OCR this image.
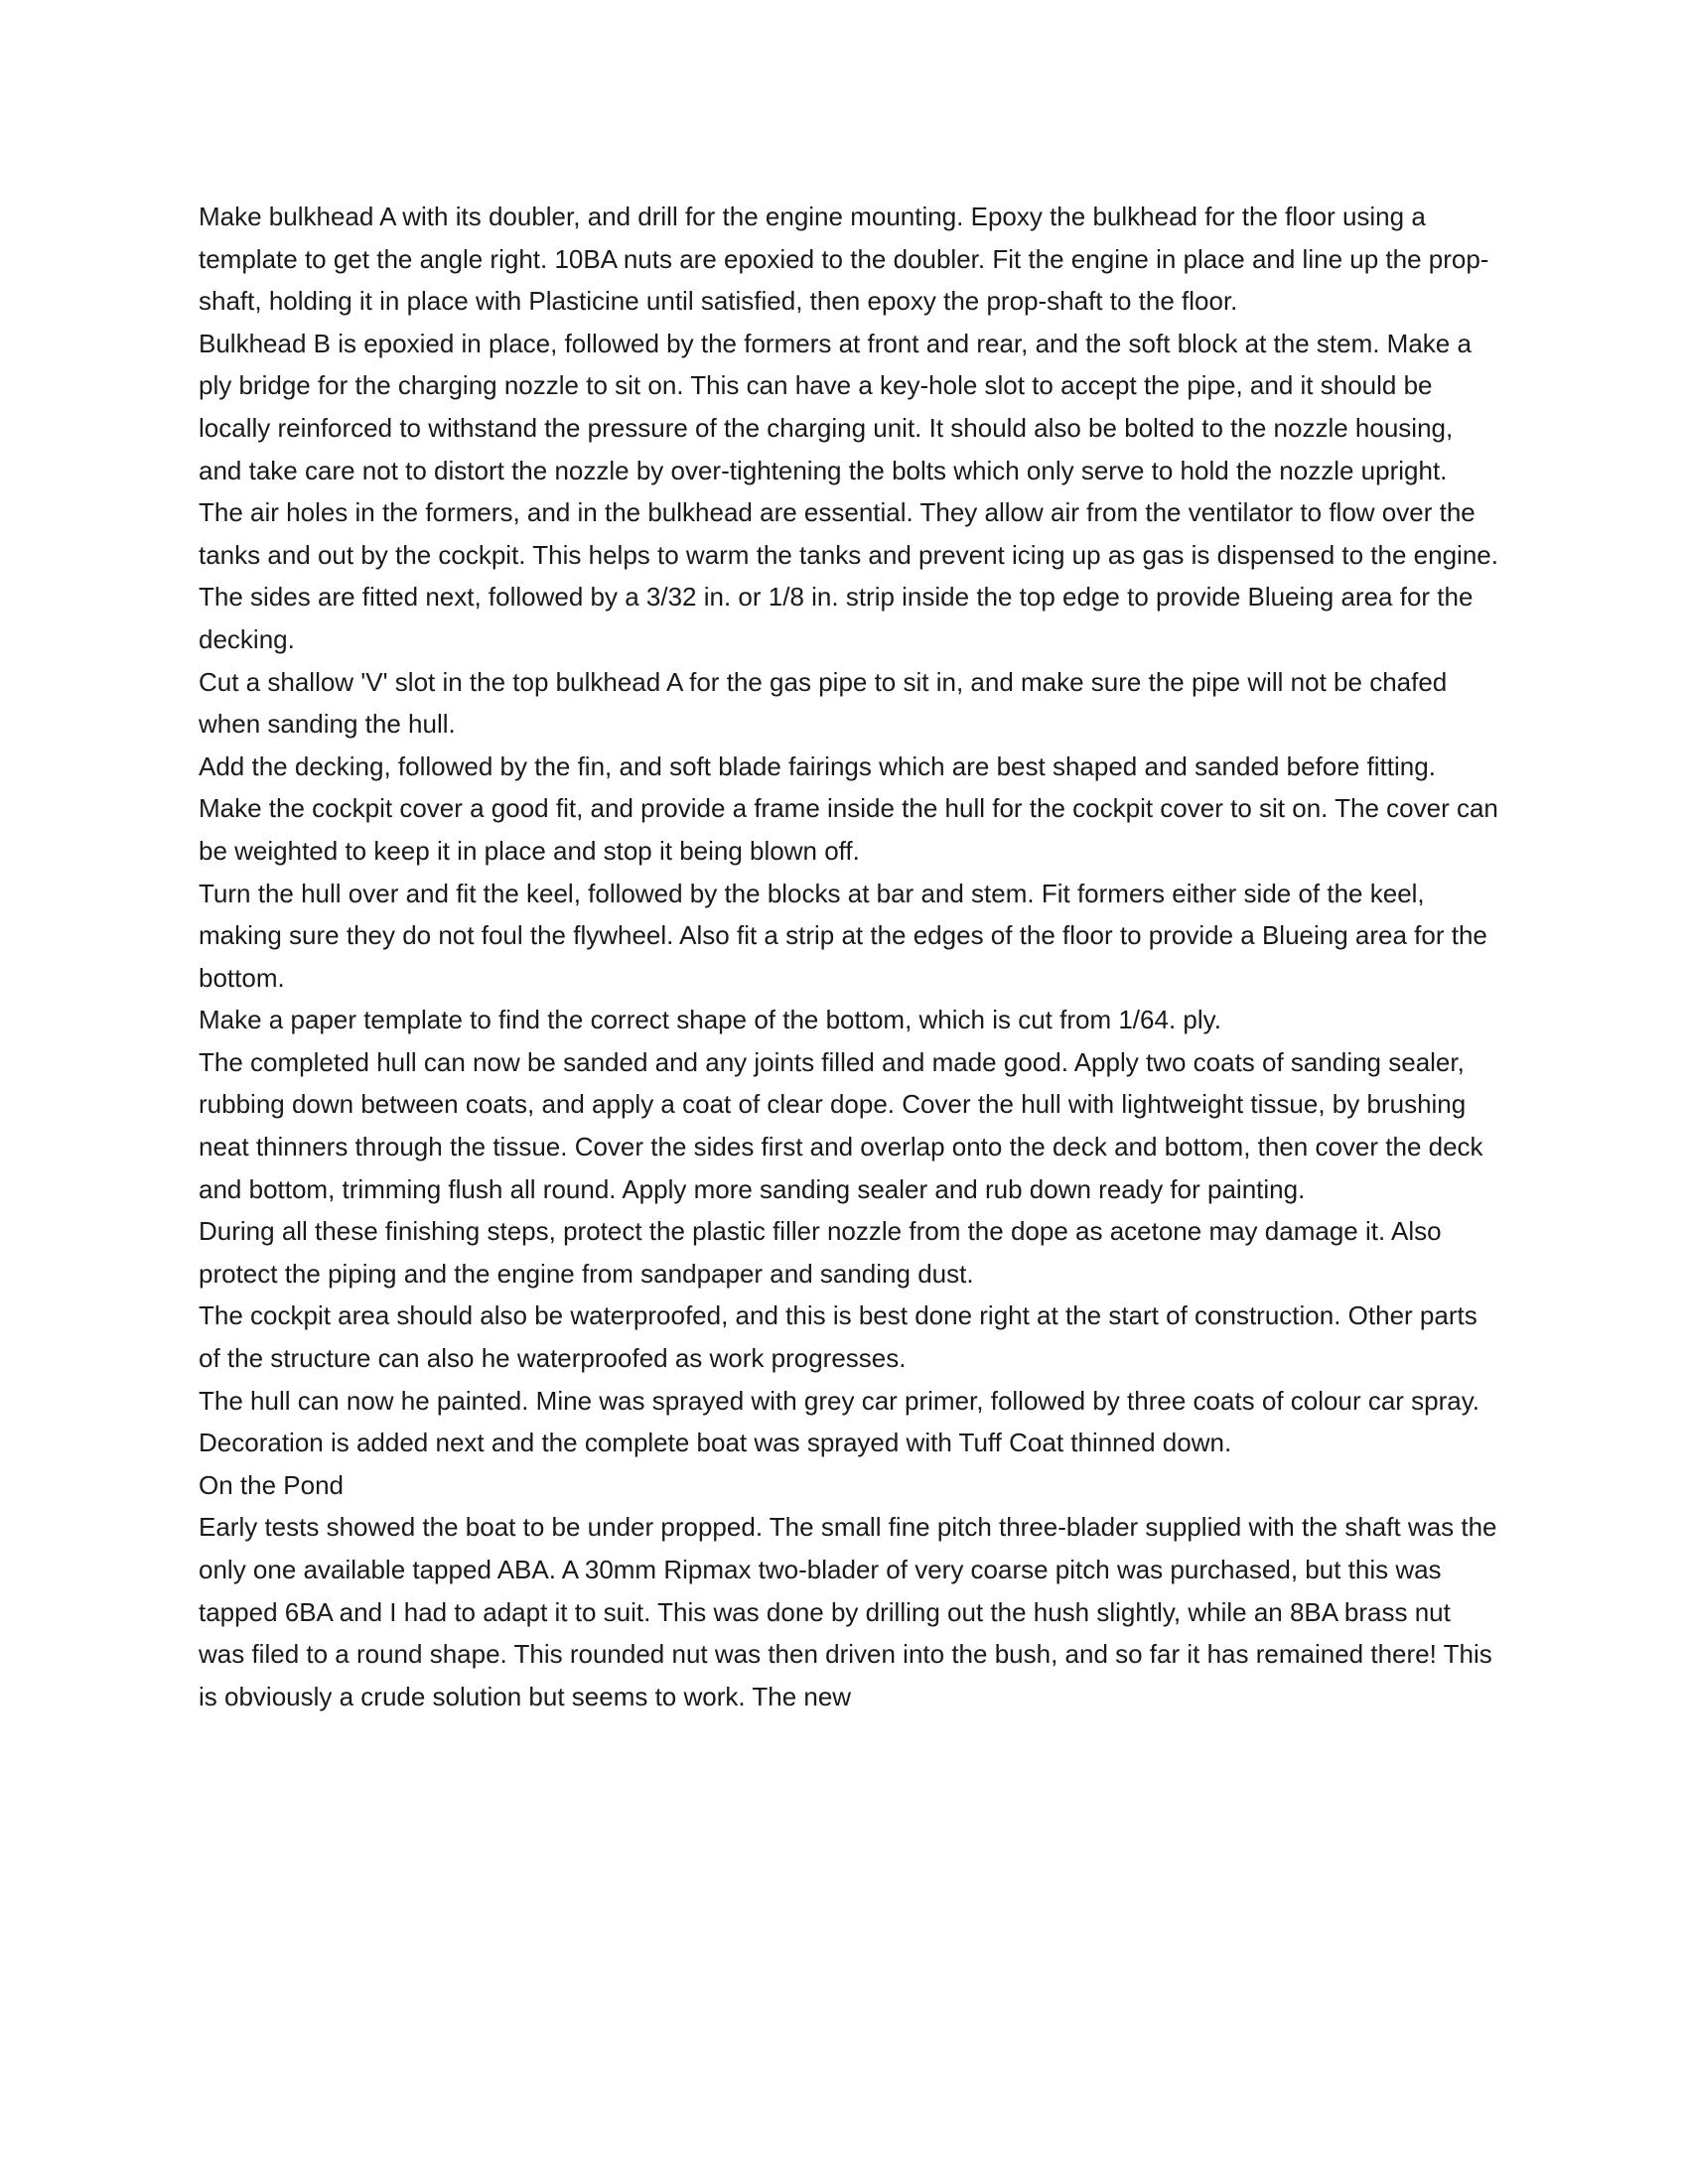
Make bulkhead A with its doubler, and drill for the engine mounting. Epoxy the bulkhead for the floor using a template to get the angle right. 10BA nuts are epoxied to the doubler. Fit the engine in place and line up the prop-shaft, holding it in place with Plasticine until satisfied, then epoxy the prop-shaft to the floor.

Bulkhead B is epoxied in place, followed by the formers at front and rear, and the soft block at the stem. Make a ply bridge for the charging nozzle to sit on. This can have a key-hole slot to accept the pipe, and it should be locally reinforced to withstand the pressure of the charging unit. It should also be bolted to the nozzle housing, and take care not to distort the nozzle by over-tightening the bolts which only serve to hold the nozzle upright.

The air holes in the formers, and in the bulkhead are essential. They allow air from the ventilator to flow over the tanks and out by the cockpit. This helps to warm the tanks and prevent icing up as gas is dispensed to the engine.

The sides are fitted next, followed by a 3/32 in. or 1/8 in. strip inside the top edge to provide Blueing area for the decking.

Cut a shallow 'V' slot in the top bulkhead A for the gas pipe to sit in, and make sure the pipe will not be chafed when sanding the hull.

Add the decking, followed by the fin, and soft blade fairings which are best shaped and sanded before fitting.

Make the cockpit cover a good fit, and provide a frame inside the hull for the cockpit cover to sit on. The cover can be weighted to keep it in place and stop it being blown off.

Turn the hull over and fit the keel, followed by the blocks at bar and stem. Fit formers either side of the keel, making sure they do not foul the flywheel. Also fit a strip at the edges of the floor to provide a Blueing area for the bottom.

Make a paper template to find the correct shape of the bottom, which is cut from 1/64. ply.

The completed hull can now be sanded and any joints filled and made good. Apply two coats of sanding sealer, rubbing down between coats, and apply a coat of clear dope. Cover the hull with lightweight tissue, by brushing neat thinners through the tissue. Cover the sides first and overlap onto the deck and bottom, then cover the deck and bottom, trimming flush all round. Apply more sanding sealer and rub down ready for painting.

During all these finishing steps, protect the plastic filler nozzle from the dope as acetone may damage it. Also protect the piping and the engine from sandpaper and sanding dust.

The cockpit area should also be waterproofed, and this is best done right at the start of construction. Other parts of the structure can also he waterproofed as work progresses.

The hull can now he painted. Mine was sprayed with grey car primer, followed by three coats of colour car spray. Decoration is added next and the complete boat was sprayed with Tuff Coat thinned down.

On the Pond

Early tests showed the boat to be under propped. The small fine pitch three-blader supplied with the shaft was the only one available tapped ABA. A 30mm Ripmax two-blader of very coarse pitch was purchased, but this was tapped 6BA and I had to adapt it to suit. This was done by drilling out the hush slightly, while an 8BA brass nut was filed to a round shape. This rounded nut was then driven into the bush, and so far it has remained there! This is obviously a crude solution but seems to work. The new
